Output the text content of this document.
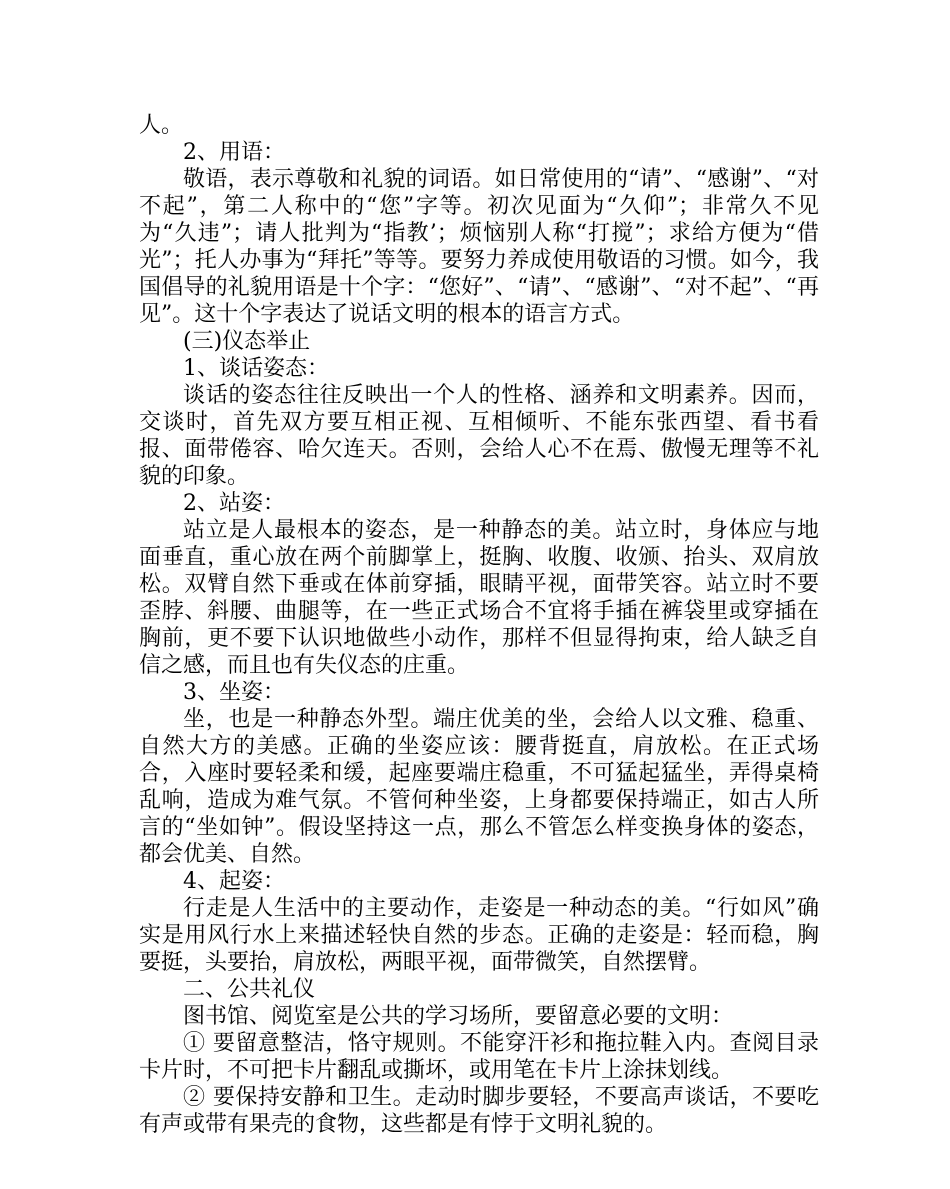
人。

2、用语：

敬语，表示尊敬和礼貌的词语。如日常使用的“请”、“感谢”、“对不起”，第二人称中的“您”字等。初次见面为“久仰”；非常久不见为“久违”；请人批判为“指教’；烦恼别人称“打搅”；求给方便为“借光”；托人办事为“拜托”等等。要努力养成使用敬语的习惯。如今，我国倡导的礼貌用语是十个字：“您好”、“请”、“感谢”、“对不起”、“再见”。这十个字表达了说话文明的根本的语言方式。

(三)仪态举止

1、谈话姿态：

谈话的姿态往往反映出一个人的性格、涵养和文明素养。因而，交谈时，首先双方要互相正视、互相倾听、不能东张西望、看书看报、面带倦容、哈欠连天。否则，会给人心不在焉、傲慢无理等不礼貌的印象。

2、站姿：

站立是人最根本的姿态，是一种静态的美。站立时，身体应与地面垂直，重心放在两个前脚掌上，挺胸、收腹、收颁、抬头、双肩放松。双臂自然下垂或在体前穿插，眼睛平视，面带笑容。站立时不要歪脖、斜腰、曲腿等，在一些正式场合不宜将手插在裤袋里或穿插在胸前，更不要下认识地做些小动作，那样不但显得拘束，给人缺乏自信之感，而且也有失仪态的庄重。

3、坐姿：

坐，也是一种静态外型。端庄优美的坐，会给人以文雅、稳重、自然大方的美感。正确的坐姿应该：腰背挺直，肩放松。在正式场合，入座时要轻柔和缓，起座要端庄稳重，不可猛起猛坐，弄得桌椅乱响，造成为难气氛。不管何种坐姿，上身都要保持端正，如古人所言的“坐如钟”。假设坚持这一点，那么不管怎么样变换身体的姿态，都会优美、自然。

4、起姿：

行走是人生活中的主要动作，走姿是一种动态的美。“行如风”确实是用风行水上来描述轻快自然的步态。正确的走姿是：轻而稳，胸要挺，头要抬，肩放松，两眼平视，面带微笑，自然摆臂。

二、公共礼仪

图书馆、阅览室是公共的学习场所，要留意必要的文明：

① 要留意整洁，恪守规则。不能穿汗衫和拖拉鞋入内。查阅目录卡片时，不可把卡片翻乱或撕坏，或用笔在卡片上涂抹划线。

② 要保持安静和卫生。走动时脚步要轻，不要高声谈话，不要吃有声或带有果壳的食物，这些都是有悖于文明礼貌的。
